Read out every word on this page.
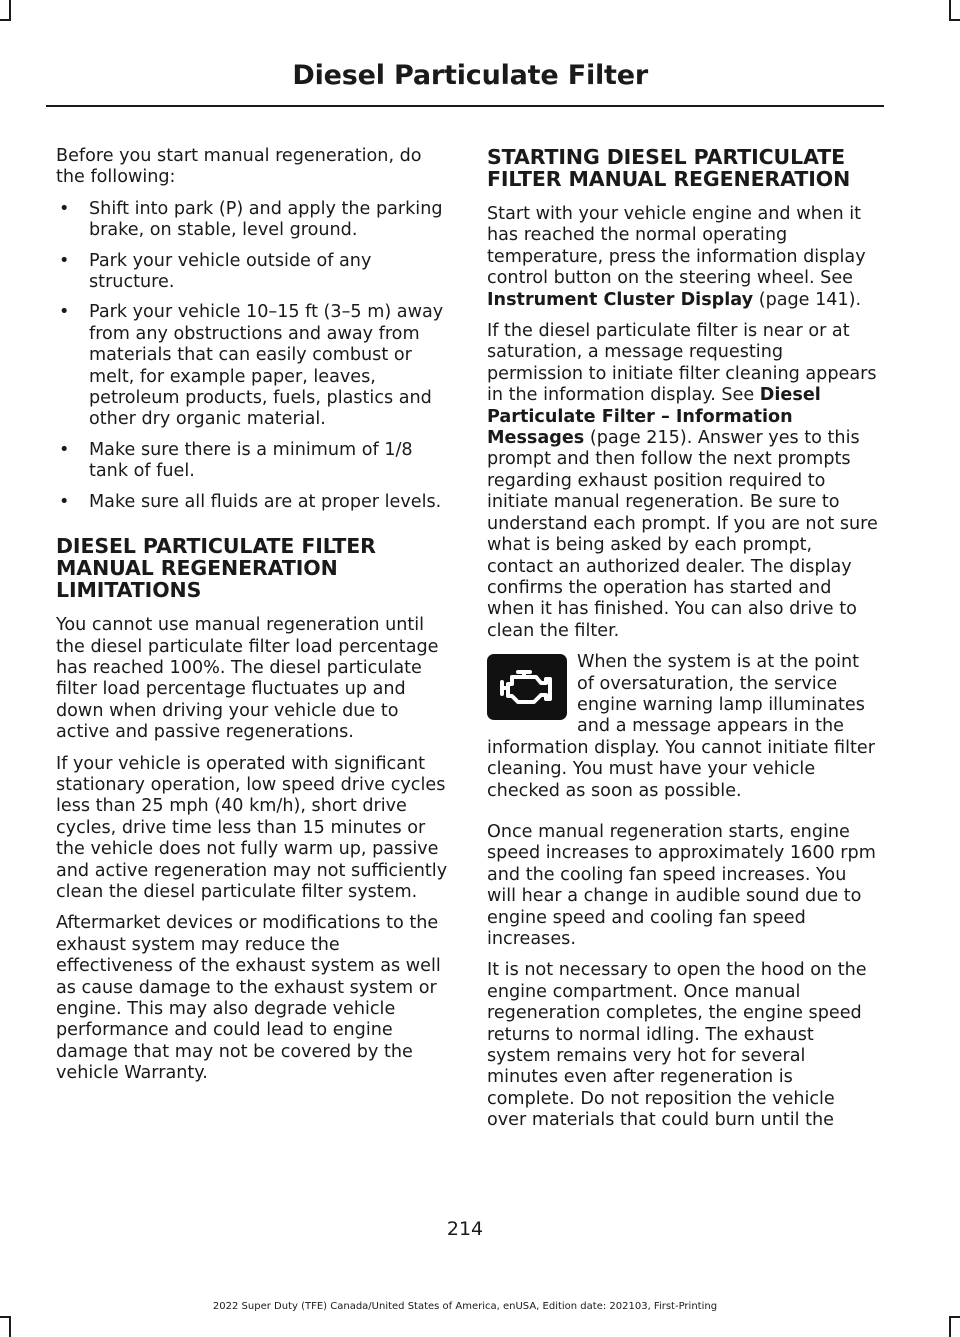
Diesel Particulate Filter

Before you start manual regeneration, do the following:

• Shift into park (P) and apply the parking brake, on stable, level ground.
• Park your vehicle outside of any structure.
• Park your vehicle 10–15 ft (3–5 m) away from any obstructions and away from materials that can easily combust or melt, for example paper, leaves, petroleum products, fuels, plastics and other dry organic material.
• Make sure there is a minimum of 1/8 tank of fuel.
• Make sure all fluids are at proper levels.
DIESEL PARTICULATE FILTER MANUAL REGENERATION LIMITATIONS

You cannot use manual regeneration until the diesel particulate filter load percentage has reached 100%. The diesel particulate filter load percentage fluctuates up and down when driving your vehicle due to active and passive regenerations.

If your vehicle is operated with significant stationary operation, low speed drive cycles less than 25 mph (40 km/h), short drive cycles, drive time less than 15 minutes or the vehicle does not fully warm up, passive and active regeneration may not sufficiently clean the diesel particulate filter system.

Aftermarket devices or modifications to the exhaust system may reduce the effectiveness of the exhaust system as well as cause damage to the exhaust system or engine. This may also degrade vehicle performance and could lead to engine damage that may not be covered by the vehicle Warranty.

STARTING DIESEL PARTICULATE FILTER MANUAL REGENERATION

Start with your vehicle engine and when it has reached the normal operating temperature, press the information display control button on the steering wheel. See Instrument Cluster Display (page 141).

If the diesel particulate filter is near or at saturation, a message requesting permission to initiate filter cleaning appears in the information display. See Diesel Particulate Filter – Information Messages (page 215). Answer yes to this prompt and then follow the next prompts regarding exhaust position required to initiate manual regeneration. Be sure to understand each prompt. If you are not sure what is being asked by each prompt, contact an authorized dealer. The display confirms the operation has started and when it has finished. You can also drive to clean the filter.

When the system is at the point of oversaturation, the service engine warning lamp illuminates and a message appears in the information display. You cannot initiate filter cleaning. You must have your vehicle checked as soon as possible.

Once manual regeneration starts, engine speed increases to approximately 1600 rpm and the cooling fan speed increases. You will hear a change in audible sound due to engine speed and cooling fan speed increases.

It is not necessary to open the hood on the engine compartment. Once manual regeneration completes, the engine speed returns to normal idling. The exhaust system remains very hot for several minutes even after regeneration is complete. Do not reposition the vehicle over materials that could burn until the

214
2022 Super Duty (TFE) Canada/United States of America, enUSA, Edition date: 202103, First-Printing
